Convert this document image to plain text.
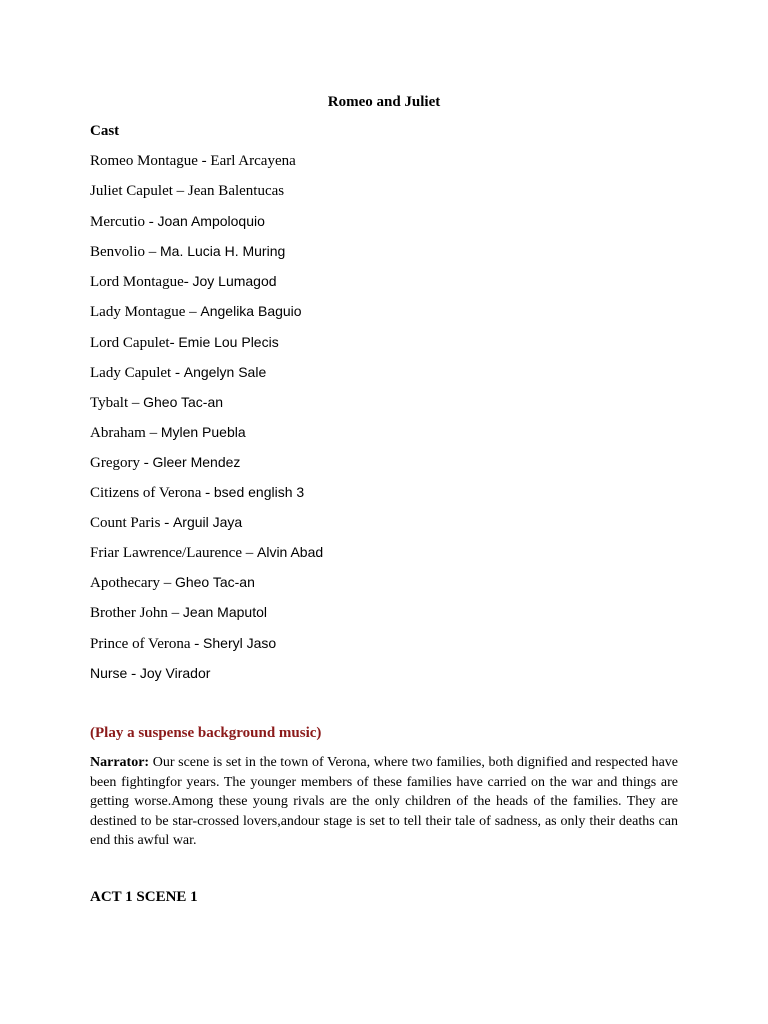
Romeo and Juliet
Cast
Romeo Montague - Earl Arcayena
Juliet Capulet – Jean Balentucas
Mercutio - Joan Ampoloquio
Benvolio – Ma. Lucia H. Muring
Lord Montague- Joy Lumagod
Lady Montague – Angelika Baguio
Lord Capulet- Emie Lou Plecis
Lady Capulet - Angelyn Sale
Tybalt – Gheo Tac-an
Abraham – Mylen Puebla
Gregory - Gleer Mendez
Citizens of Verona - bsed english 3
Count Paris - Arguil Jaya
Friar Lawrence/Laurence – Alvin Abad
Apothecary – Gheo Tac-an
Brother John – Jean Maputol
Prince of Verona - Sheryl Jaso
Nurse - Joy Virador
(Play a suspense background music)

Narrator: Our scene is set in the town of Verona, where two families, both dignified and respected have been fightingfor years. The younger members of these families have carried on the war and things are getting worse.Among these young rivals are the only children of the heads of the families. They are destined to be star-crossed lovers,andour stage is set to tell their tale of sadness, as only their deaths can end this awful war.

ACT 1 SCENE 1
